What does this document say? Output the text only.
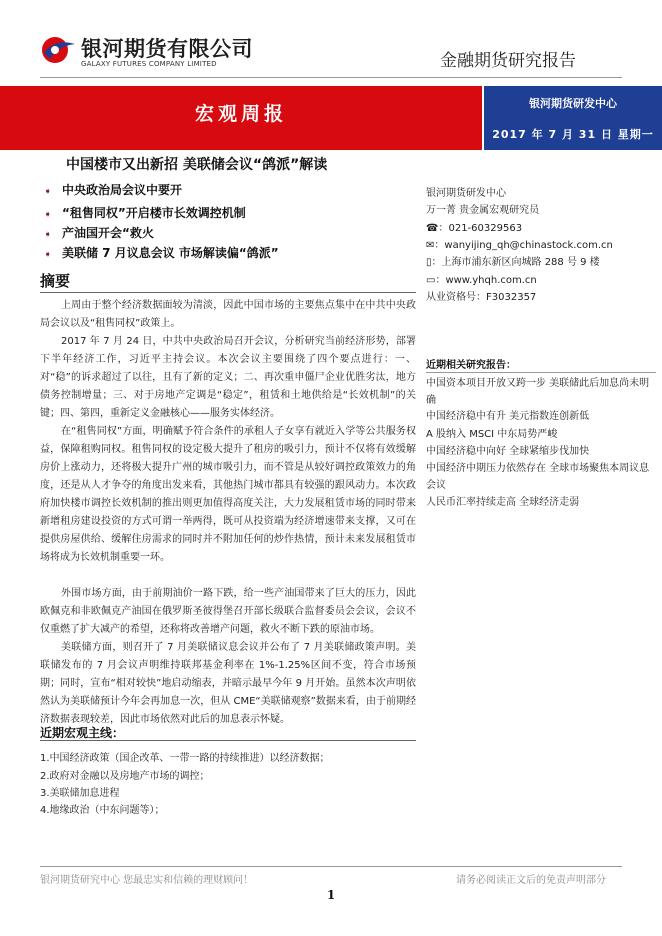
银河期货有限公司
GALAXY FUTURES COMPANY LIMITED	金融期货研究报告
宏观周报	银河期货研发中心
2017 年 7 月 31 日 星期一
中国楼市又出新招 美联储会议“鸽派”解读
➧ 中央政治局会议中要开
➧ “租售同权”开启楼市长效调控机制
➧ 产油国开会“救火
➧ 美联储 7 月议息会议 市场解读偏“鸽派”
摘要
上周由于整个经济数据面较为清淡，因此中国市场的主要焦点集中在中共中央政局会议以及“租售同权”政策上。
2017 年 7 月 24 日，中共中央政治局召开会议，分析研究当前经济形势，部署下半年经济工作，习近平主持会议。本次会议主要围绕了四个要点进行：一、对“稳”的诉求超过了以往，且有了新的定义；二、再次重申僵尸企业优胜劣汰，地方债务控制增量；三、对于房地产定调是“稳定”，租赁和土地供给是“长效机制”的关键；四、第四，重新定义金融核心——服务实体经济。
在“租售同权”方面，明确赋予符合条件的承租人子女享有就近入学等公共服务权益，保障租购同权。租售同权的设定极大提升了租房的吸引力，预计不仅将有效缓解房价上涨动力，还将极大提升广州的城市吸引力，而不管是从较好调控政策效力的角度，还是从人才争夺的角度出发来看，其他热门城市都具有较强的跟风动力。本次政府加快楼市调控长效机制的推出则更加值得高度关注，大力发展租赁市场的同时带来新增租房建设投资的方式可谓一举两得，既可从投资端为经济增速带来支撑，又可在提供房屋供给、缓解住房需求的同时并不附加任何的炒作热情，预计未来发展租赁市场将成为长效机制重要一环。
外围市场方面，由于前期油价一路下跌，给一些产油国带来了巨大的压力，因此欧佩克和非欧佩克产油国在俄罗斯圣彼得堡召开部长级联合监督委员会会议，会议不仅重燃了扩大减产的希望，还称将改善增产问题，救火不断下跌的原油市场。
美联储方面，则召开了 7 月美联储议息会议并公布了 7 月美联储政策声明。美联储发布的 7 月会议声明维持联邦基金利率在 1%-1.25%区间不变，符合市场预期；同时，宣布“相对较快”地启动缩表，并暗示最早今年 9 月开始。虽然本次声明依然认为美联储预计今年会再加息一次，但从 CME“美联储观察”数据来看，由于前期经济数据表现较差，因此市场依然对此后的加息表示怀疑。
银河期货研发中心
万一菁 贵金属宏观研究员
☎：021-60329563
✉：wanyijing_qh@chinastock.com.cn
▯：上海市浦东新区向城路 288 号 9 楼
▭：www.yhqh.com.cn
从业资格号：F3032357
近期相关研究报告：
中国资本项目开放又跨一步 美联储此后加息尚未明确
中国经济稳中有升 美元指数连创新低
A 股纳入 MSCI 中东局势严峻
中国经济稳中向好 全球紧缩步伐加快
中国经济中期压力依然存在 全球市场聚焦本周议息会议
人民币汇率持续走高 全球经济走弱
近期宏观主线：
1.中国经济政策（国企改革、一带一路的持续推进）以经济数据；
2.政府对金融以及房地产市场的调控；
3.美联储加息进程
4.地缘政治（中东问题等）；
银河期货研究中心 您最忠实和信赖的理财顾问！	请务必阅读正文后的免责声明部分
1
